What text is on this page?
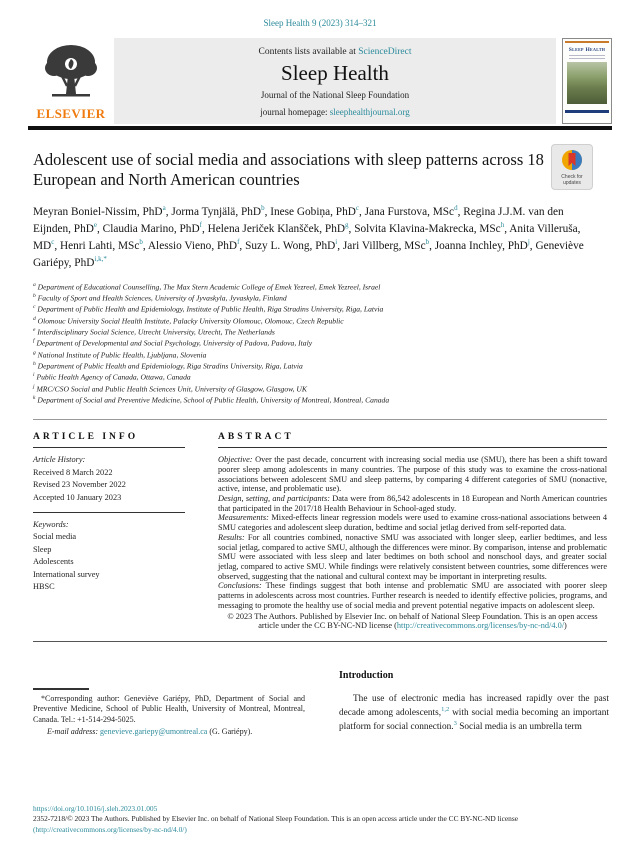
Sleep Health 9 (2023) 314–321
ELSEVIER
Contents lists available at ScienceDirect
Sleep Health
Journal of the National Sleep Foundation
journal homepage: sleephealthjournal.org
Sleep Health
Adolescent use of social media and associations with sleep patterns across 18 European and North American countries	Check for
updates
Meyran Boniel-Nissim, PhD$^a$, Jorma Tynjälä, PhD$^b$, Inese Gobiņa, PhD$^c$, Jana Furstova, MSc$^d$, Regina J.J.M. van den Eijnden, PhD$^e$, Claudia Marino, PhD$^f$, Helena Jeriček Klanšček, PhD$^g$, Solvita Klavina-Makrecka, MSc$^h$, Anita Villeruša, $MD^c$, Henri Lahti, MSc$^b$, Alessio Vieno, PhD$^f$, Suzy L. Wong, PhD$^i$, Jari Villberg, MSc$^b$, Joanna Inchley, PhD$^j$, Geneviève Gariépy, PhD$^{i,k,*}$
$^a$ Department of Educational Counselling, The Max Stern Academic College of Emek Yezreel, Emek Yezreel, Israel
$^b$ Faculty of Sport and Health Sciences, University of Jyvaskyla, Jyvaskyla, Finland
$^c$ Department of Public Health and Epidemiology, Institute of Public Health, Riga Stradins University, Riga, Latvia
$^d$ Olomouc University Social Health Institute, Palacky University Olomouc, Olomouc, Czech Republic
$^e$ Interdisciplinary Social Science, Utrecht University, Utrecht, The Netherlands
$^f$ Department of Developmental and Social Psychology, University of Padova, Padova, Italy
$^g$ National Institute of Public Health, Ljubljana, Slovenia
$^h$ Department of Public Health and Epidemiology, Riga Stradins University, Riga, Latvia
$^i$ Public Health Agency of Canada, Ottawa, Canada
$^j$ MRC/CSO Social and Public Health Sciences Unit, University of Glasgow, Glasgow, UK
$^k$ Department of Social and Preventive Medicine, School of Public Health, University of Montreal, Montreal, Canada
ARTICLE INFO
Article History:
Received 8 March 2022
Revised 23 November 2022
Accepted 10 January 2023
Keywords:
Social media
Sleep
Adolescents
International survey
HBSC
ABSTRACT
Objective: Over the past decade, concurrent with increasing social media use (SMU), there has been a shift toward poorer sleep among adolescents in many countries. The purpose of this study was to examine the cross-national associations between adolescent SMU and sleep patterns, by comparing 4 different categories of SMU (nonactive, active, intense, and problematic use).
Design, setting, and participants: Data were from 86,542 adolescents in 18 European and North American countries that participated in the 2017/18 Health Behaviour in School-aged study.
Measurements: Mixed-effects linear regression models were used to examine cross-national associations between 4 SMU categories and adolescent sleep duration, bedtime and social jetlag derived from self-reported data.
Results: For all countries combined, nonactive SMU was associated with longer sleep, earlier bedtimes, and less social jetlag, compared to active SMU, although the differences were minor. By comparison, intense and problematic SMU were associated with less sleep and later bedtimes on both school and nonschool days, and greater social jetlag, compared to active SMU. While findings were relatively consistent between countries, some differences were observed, suggesting that the national and cultural context may be important in interpreting results.
Conclusions: These findings suggest that both intense and problematic SMU are associated with poorer sleep patterns in adolescents across most countries. Further research is needed to identify effective policies, programs, and messaging to promote the healthy use of social media and prevent potential negative impacts on adolescent sleep.
© 2023 The Authors. Published by Elsevier Inc. on behalf of National Sleep Foundation. This is an open access article under the CC BY-NC-ND license (http://creativecommons.org/licenses/by-nc-nd/4.0/)
*Corresponding author: Geneviève Gariépy, PhD, Department of Social and Preventive Medicine, School of Public Health, University of Montreal, Montreal, Canada. Tel.: +1-514-294-5025.
E-mail address: genevieve.gariepy@umontreal.ca (G. Gariépy).
Introduction
The use of electronic media has increased rapidly over the past decade among adolescents,$^{1,2}$ with social media becoming an important platform for social connection.$^3$ Social media is an umbrella term
https://doi.org/10.1016/j.sleh.2023.01.005
2352-7218/© 2023 The Authors. Published by Elsevier Inc. on behalf of National Sleep Foundation. This is an open access article under the CC BY-NC-ND license
(http://creativecommons.org/licenses/by-nc-nd/4.0/)
